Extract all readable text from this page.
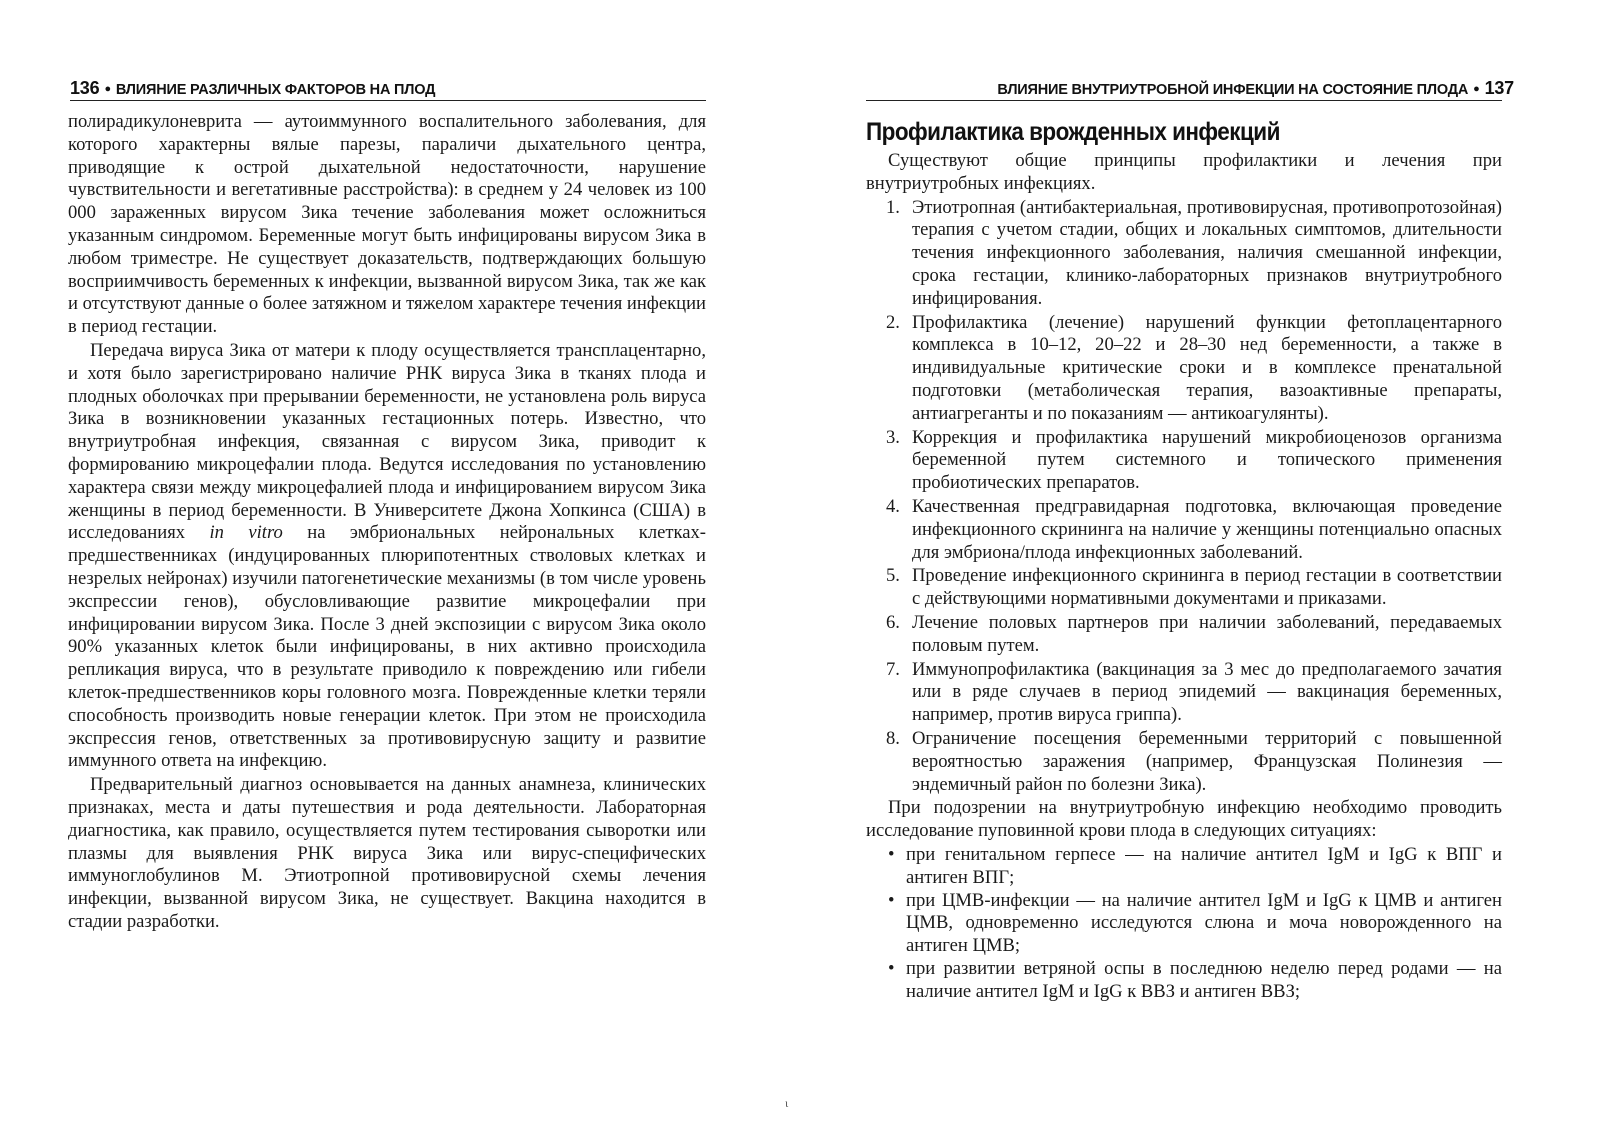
136 ● ВЛИЯНИЕ РАЗЛИЧНЫХ ФАКТОРОВ НА ПЛОД

полирадикулоневрита — аутоиммунного воспалительного заболевания, для которого характерны вялые парезы, параличи дыхательного центра, приводящие к острой дыхательной недостаточности, нарушение чувствительности и вегетативные расстройства): в среднем у 24 человек из 100 000 зараженных вирусом Зика течение заболевания может осложниться указанным синдромом. Беременные могут быть инфицированы вирусом Зика в любом триместре. Не существует доказательств, подтверждающих большую восприимчивость беременных к инфекции, вызванной вирусом Зика, так же как и отсутствуют данные о более затяжном и тяжелом характере течения инфекции в период гестации.

Передача вируса Зика от матери к плоду осуществляется трансплацентарно, и хотя было зарегистрировано наличие РНК вируса Зика в тканях плода и плодных оболочках при прерывании беременности, не установлена роль вируса Зика в возникновении указанных гестационных потерь. Известно, что внутриутробная инфекция, связанная с вирусом Зика, приводит к формированию микроцефалии плода. Ведутся исследования по установлению характера связи между микроцефалией плода и инфицированием вирусом Зика женщины в период беременности. В Университете Джона Хопкинса (США) в исследованиях in vitro на эмбриональных нейрональных клетках-предшественниках (индуцированных плюрипотентных стволовых клетках и незрелых нейронах) изучили патогенетические механизмы (в том числе уровень экспрессии генов), обусловливающие развитие микроцефалии при инфицировании вирусом Зика. После 3 дней экспозиции с вирусом Зика около 90% указанных клеток были инфицированы, в них активно происходила репликация вируса, что в результате приводило к повреждению или гибели клеток-предшественников коры головного мозга. Поврежденные клетки теряли способность производить новые генерации клеток. При этом не происходила экспрессия генов, ответственных за противовирусную защиту и развитие иммунного ответа на инфекцию.

Предварительный диагноз основывается на данных анамнеза, клинических признаках, места и даты путешествия и рода деятельности. Лабораторная диагностика, как правило, осуществляется путем тестирования сыворотки или плазмы для выявления РНК вируса Зика или вирус-специфических иммуноглобулинов М. Этиотропной противовирусной схемы лечения инфекции, вызванной вирусом Зика, не существует. Вакцина находится в стадии разработки.

ВЛИЯНИЕ ВНУТРИУТРОБНОЙ ИНФЕКЦИИ НА СОСТОЯНИЕ ПЛОДА ● 137
Профилактика врожденных инфекций

Существуют общие принципы профилактики и лечения при внутриутробных инфекциях.

1. Этиотропная (антибактериальная, противовирусная, противопротозойная) терапия с учетом стадии, общих и локальных симптомов, длительности течения инфекционного заболевания, наличия смешанной инфекции, срока гестации, клинико-лабораторных признаков внутриутробного инфицирования.
2. Профилактика (лечение) нарушений функции фетоплацентарного комплекса в 10–12, 20–22 и 28–30 нед беременности, а также в индивидуальные критические сроки и в комплексе пренатальной подготовки (метаболическая терапия, вазоактивные препараты, антиагреганты и по показаниям — антикоагулянты).
3. Коррекция и профилактика нарушений микробиоценозов организма беременной путем системного и топического применения пробиотических препаратов.
4. Качественная предгравидарная подготовка, включающая проведение инфекционного скрининга на наличие у женщины потенциально опасных для эмбриона/плода инфекционных заболеваний.
5. Проведение инфекционного скрининга в период гестации в соответствии с действующими нормативными документами и приказами.
6. Лечение половых партнеров при наличии заболеваний, передаваемых половым путем.
7. Иммунопрофилактика (вакцинация за 3 мес до предполагаемого зачатия или в ряде случаев в период эпидемий — вакцинация беременных, например, против вируса гриппа).
8. Ограничение посещения беременными территорий с повышенной вероятностью заражения (например, Французская Полинезия — эндемичный район по болезни Зика).

При подозрении на внутриутробную инфекцию необходимо проводить исследование пуповинной крови плода в следующих ситуациях:

• при генитальном герпесе — на наличие антител IgM и IgG к ВПГ и антиген ВПГ;
• при ЦМВ-инфекции — на наличие антител IgM и IgG к ЦМВ и антиген ЦМВ, одновременно исследуются слюна и моча новорожденного на антиген ЦМВ;
• при развитии ветряной оспы в последнюю неделю перед родами — на наличие антител IgM и IgG к ВВЗ и антиген ВВЗ;
ι
